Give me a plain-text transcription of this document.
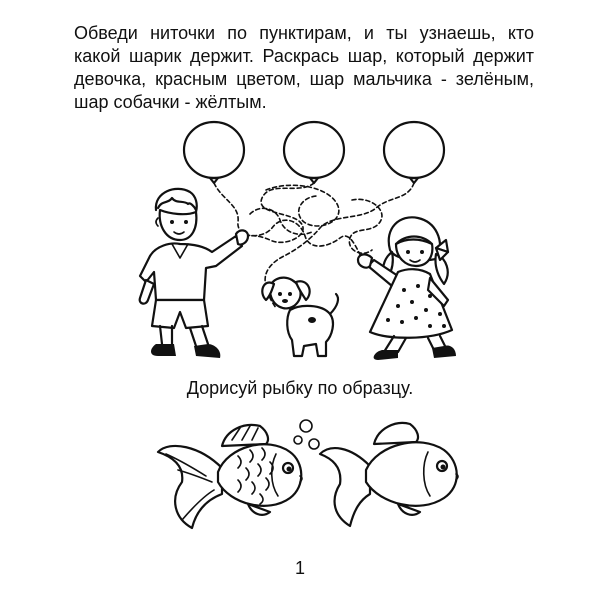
Обведи ниточки по пунктирам, и ты узнаешь, кто какой шарик держит. Раскрась шар, который держит девочка, красным цветом, шар мальчика - зелёным, шар собачки - жёлтым.

Дорисуй рыбку по образцу.

1
